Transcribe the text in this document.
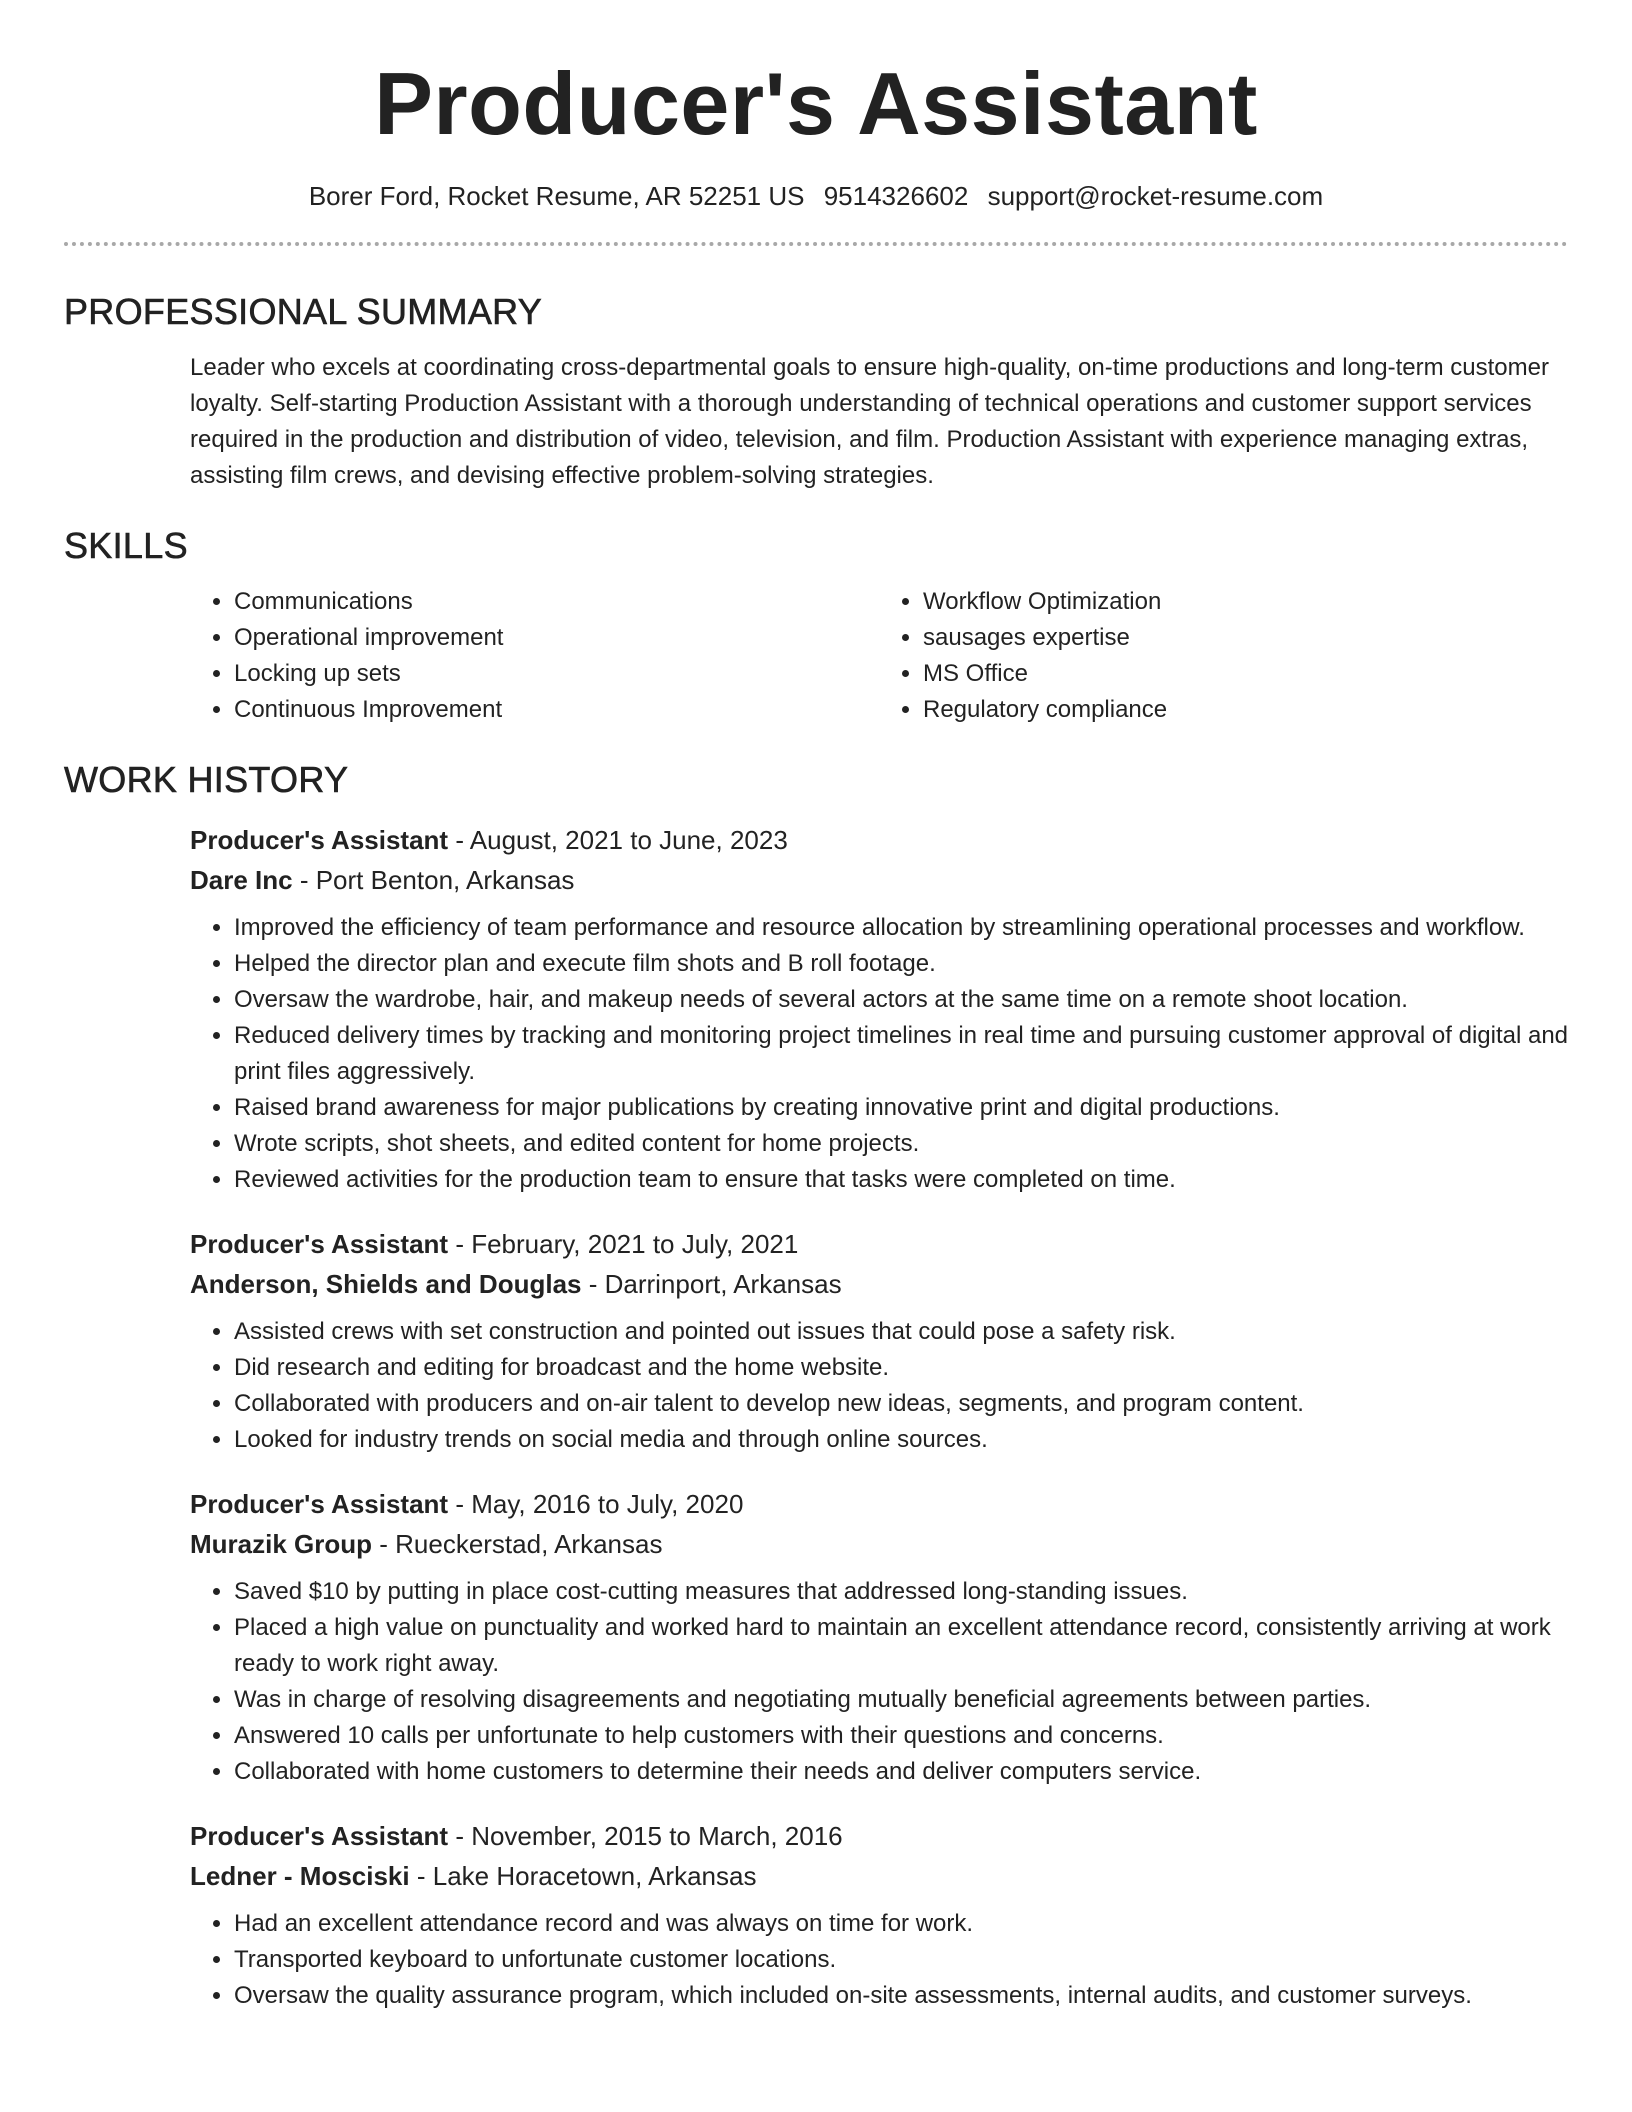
Producer's Assistant
Borer Ford, Rocket Resume, AR 52251 US 9514326602 support@rocket-resume.com
PROFESSIONAL SUMMARY

Leader who excels at coordinating cross-departmental goals to ensure high-quality, on-time productions and long-term customer loyalty. Self-starting Production Assistant with a thorough understanding of technical operations and customer support services required in the production and distribution of video, television, and film. Production Assistant with experience managing extras, assisting film crews, and devising effective problem-solving strategies.

SKILLS
• Communications
• Operational improvement
• Locking up sets
• Continuous Improvement
• Workflow Optimization
• sausages expertise
• MS Office
• Regulatory compliance
WORK HISTORY
Producer's Assistant - August, 2021 to June, 2023
Dare Inc - Port Benton, Arkansas
• Improved the efficiency of team performance and resource allocation by streamlining operational processes and workflow.
• Helped the director plan and execute film shots and B roll footage.
• Oversaw the wardrobe, hair, and makeup needs of several actors at the same time on a remote shoot location.
• Reduced delivery times by tracking and monitoring project timelines in real time and pursuing customer approval of digital and print files aggressively.
• Raised brand awareness for major publications by creating innovative print and digital productions.
• Wrote scripts, shot sheets, and edited content for home projects.
• Reviewed activities for the production team to ensure that tasks were completed on time.
Producer's Assistant - February, 2021 to July, 2021
Anderson, Shields and Douglas - Darrinport, Arkansas
• Assisted crews with set construction and pointed out issues that could pose a safety risk.
• Did research and editing for broadcast and the home website.
• Collaborated with producers and on-air talent to develop new ideas, segments, and program content.
• Looked for industry trends on social media and through online sources.
Producer's Assistant - May, 2016 to July, 2020
Murazik Group - Rueckerstad, Arkansas
• Saved $10 by putting in place cost-cutting measures that addressed long-standing issues.
• Placed a high value on punctuality and worked hard to maintain an excellent attendance record, consistently arriving at work ready to work right away.
• Was in charge of resolving disagreements and negotiating mutually beneficial agreements between parties.
• Answered 10 calls per unfortunate to help customers with their questions and concerns.
• Collaborated with home customers to determine their needs and deliver computers service.
Producer's Assistant - November, 2015 to March, 2016
Ledner - Mosciski - Lake Horacetown, Arkansas
• Had an excellent attendance record and was always on time for work.
• Transported keyboard to unfortunate customer locations.
• Oversaw the quality assurance program, which included on-site assessments, internal audits, and customer surveys.
